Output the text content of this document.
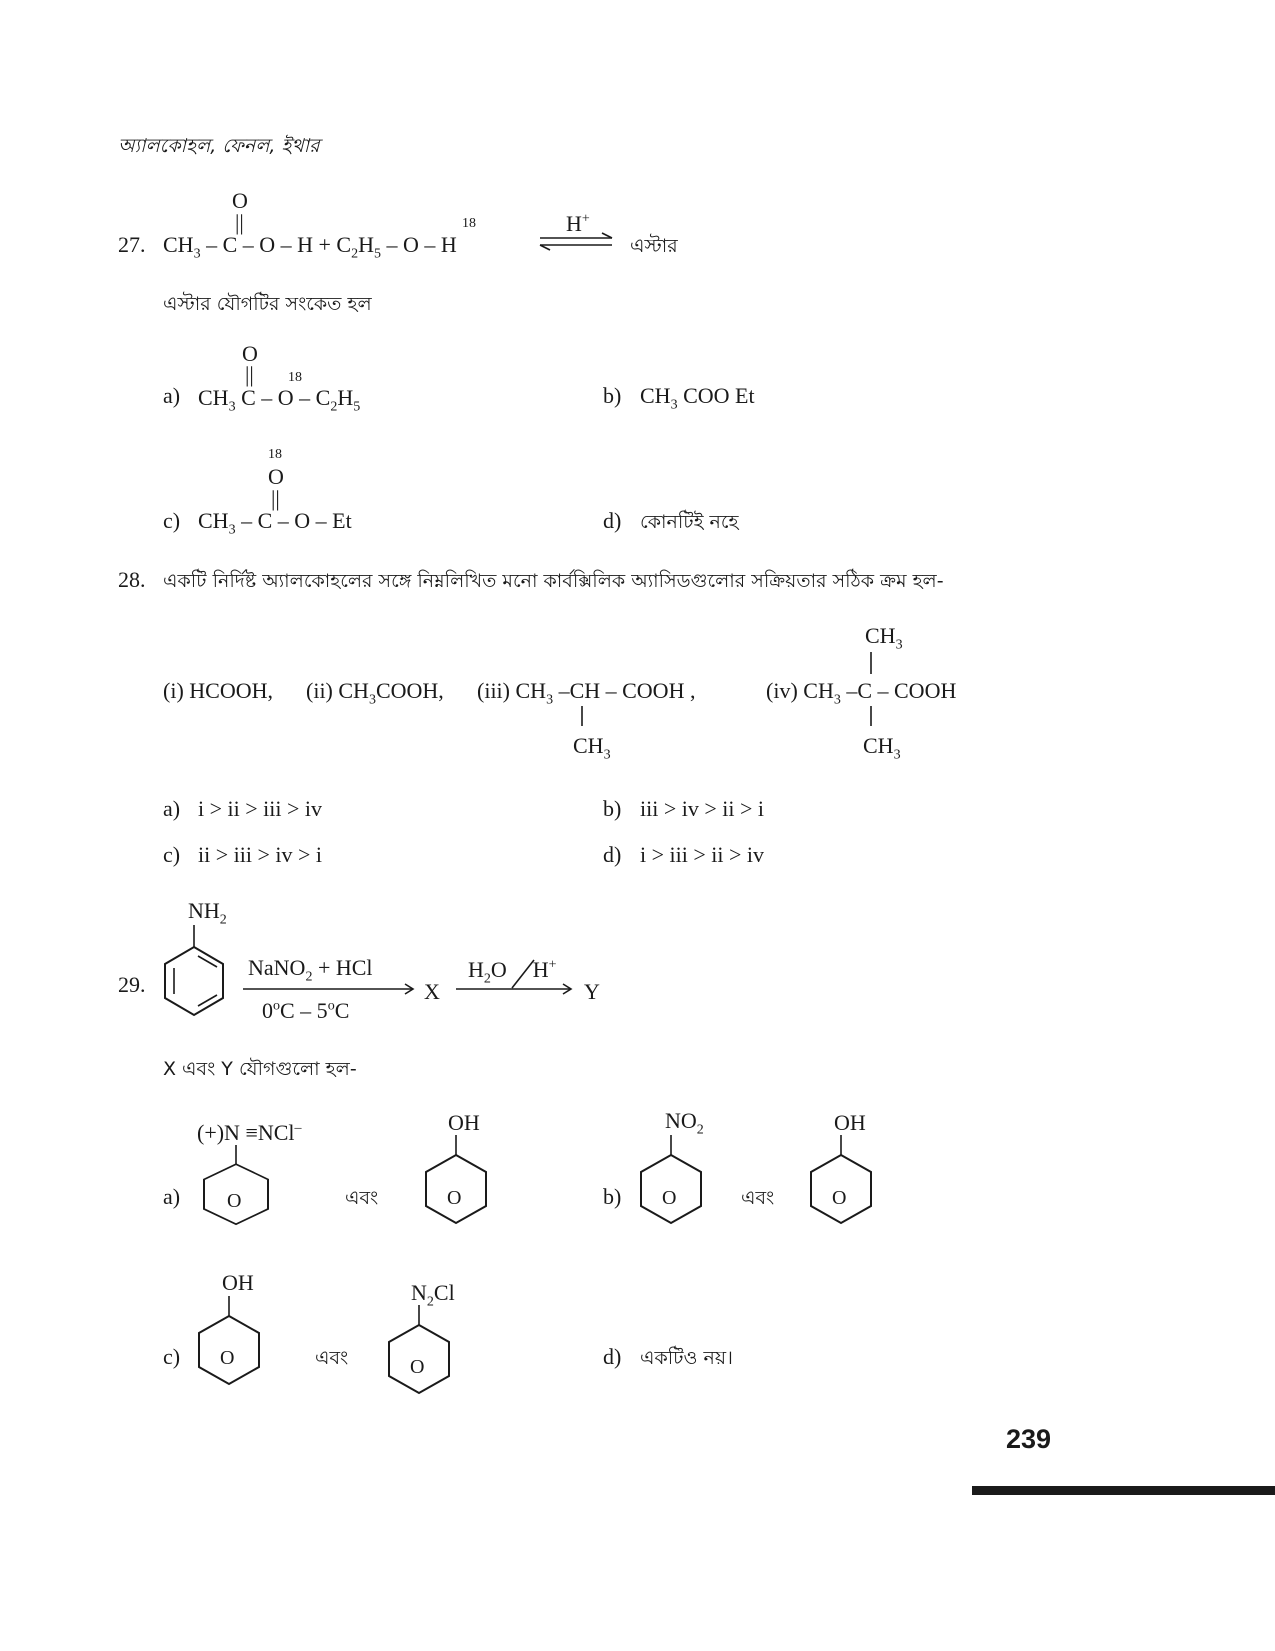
অ্যালকোহল, ফেনল, ইথার
27.
O
||
$CH_3 - C - O - H + C_2H_5 - O - H$
18	H+
⇌ এস্টার
এস্টার যৌগটির সংকেত হল
a)
O
|| 18
$CH_3$ C – O – $C_2H_5$	b) $CH_3$ COO Et
c)
18
O
||
$CH_3$ – C – O – Et	d) কোনটিই নহে
28. একটি নির্দিষ্ট অ্যালকোহলের সঙ্গে নিম্নলিখিত মনো কার্বক্সিলিক অ্যাসিডগুলোর সক্রিয়তার সঠিক ক্রম হল-
(i) HCOOH, (ii) $CH_3COOH$, (iii) $CH_3$ –CH – COOH ,
$CH_3$
(iv) $CH_3$ –C – COOH
$CH_3$
$CH_3$
a) i > ii > iii > iv	b) iii > iv > ii > i
c) ii > iii > iv > i	d) i > iii > ii > iv
29.
$NH_2$
NaNO$_2$ + HCl
0$^o$C – 5$^o$C
X
$H_2O$ H+
Y
X এবং Y যৌগগুলো হল-
a)
(+)N ≡NCl–
O	এবং
OH
O	b)
$NO_2$
O	এবং
OH
O
c)
OH
O	এবং
$N_2Cl$
O	d) একটিও নয়।
239
